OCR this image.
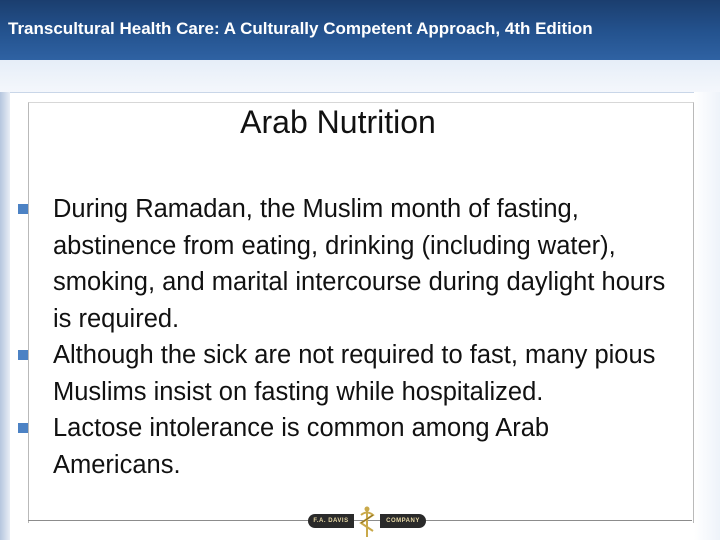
Transcultural Health Care: A Culturally Competent Approach, 4th Edition
Arab Nutrition
During Ramadan, the Muslim month of fasting, abstinence from eating, drinking (including water), smoking, and marital intercourse during daylight hours is required.
Although the sick are not required to fast, many pious Muslims insist on fasting while hospitalized.
Lactose intolerance is common among Arab Americans.
F.A. DAVIS	COMPANY
